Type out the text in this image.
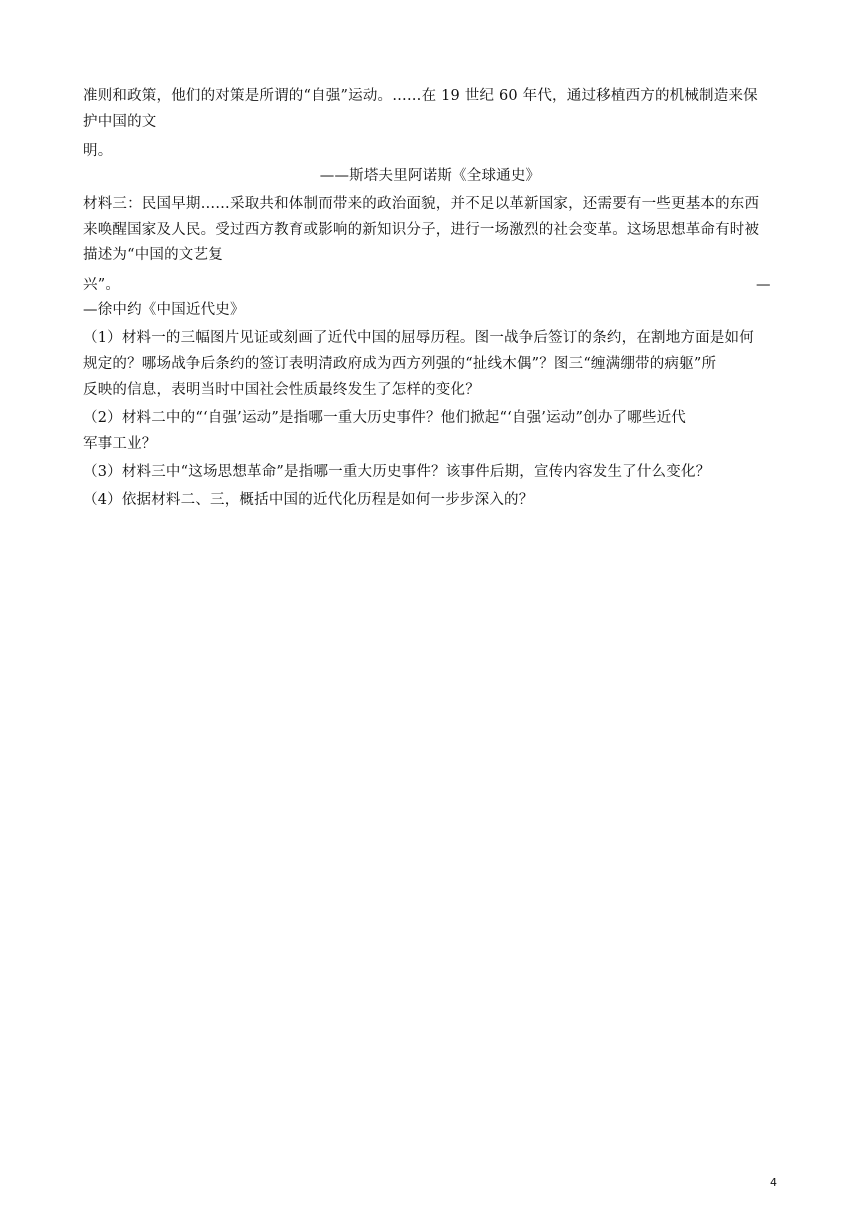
准则和政策，他们的对策是所谓的“自强”运动。……在 19 世纪 60 年代，通过移植西方的机械制造来保
护中国的文
明。
——斯塔夫里阿诺斯《全球通史》
材料三：民国早期……采取共和体制而带来的政治面貌，并不足以革新国家，还需要有一些更基本的东西
来唤醒国家及人民。受过西方教育或影响的新知识分子，进行一场激烈的社会变革。这场思想革命有时被
描述为“中国的文艺复
兴”。	—
—徐中约《中国近代史》
（1）材料一的三幅图片见证或刻画了近代中国的屈辱历程。图一战争后签订的条约，在割地方面是如何
规定的？哪场战争后条约的签订表明清政府成为西方列强的“扯线木偶”？图三“缠满绷带的病躯”所
反映的信息，表明当时中国社会性质最终发生了怎样的变化？
（2）材料二中的“‘自强’运动”是指哪一重大历史事件？他们掀起“‘自强’运动”创办了哪些近代
军事工业？
（3）材料三中“这场思想革命”是指哪一重大历史事件？该事件后期，宣传内容发生了什么变化？
（4）依据材料二、三，概括中国的近代化历程是如何一步步深入的？
4
